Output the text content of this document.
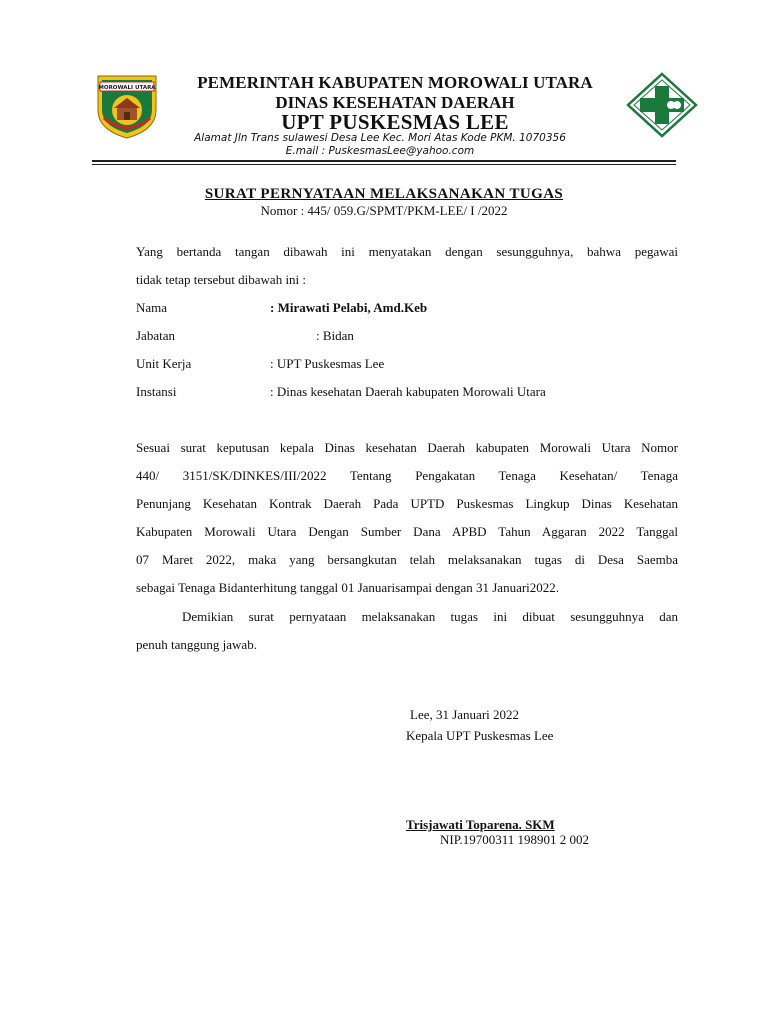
MOROWALI UTARA	PEMERINTAH KABUPATEN MOROWALI UTARA
DINAS KESEHATAN DAERAH
UPT PUSKESMAS LEE
Alamat Jln Trans sulawesi Desa Lee Kec. Mori Atas Kode PKM. 1070356
E.mail : PuskesmasLee@yahoo.com
SURAT PERNYATAAN MELAKSANAKAN TUGAS
Nomor : 445/ 059.G/SPMT/PKM-LEE/ I /2022
Yang bertanda tangan dibawah ini menyatakan dengan sesungguhnya, bahwa pegawai
tidak tetap tersebut dibawah ini :
Nama	: Mirawati Pelabi, Amd.Keb
Jabatan	: Bidan
Unit Kerja	: UPT Puskesmas Lee
Instansi	: Dinas kesehatan Daerah kabupaten Morowali Utara
Sesuai surat keputusan kepala Dinas kesehatan Daerah kabupaten Morowali Utara Nomor
440/ 3151/SK/DINKES/III/2022 Tentang Pengakatan Tenaga Kesehatan/ Tenaga
Penunjang Kesehatan Kontrak Daerah Pada UPTD Puskesmas Lingkup Dinas Kesehatan
Kabupaten Morowali Utara Dengan Sumber Dana APBD Tahun Aggaran 2022 Tanggal
07 Maret 2022, maka yang bersangkutan telah melaksanakan tugas di Desa Saemba
sebagai Tenaga Bidanterhitung tanggal 01 Januarisampai dengan 31 Januari2022.
Demikian surat pernyataan melaksanakan tugas ini dibuat sesungguhnya dan
penuh tanggung jawab.
Lee, 31 Januari 2022
Kepala UPT Puskesmas Lee
Trisjawati Toparena. SKM
NIP.19700311 198901 2 002
